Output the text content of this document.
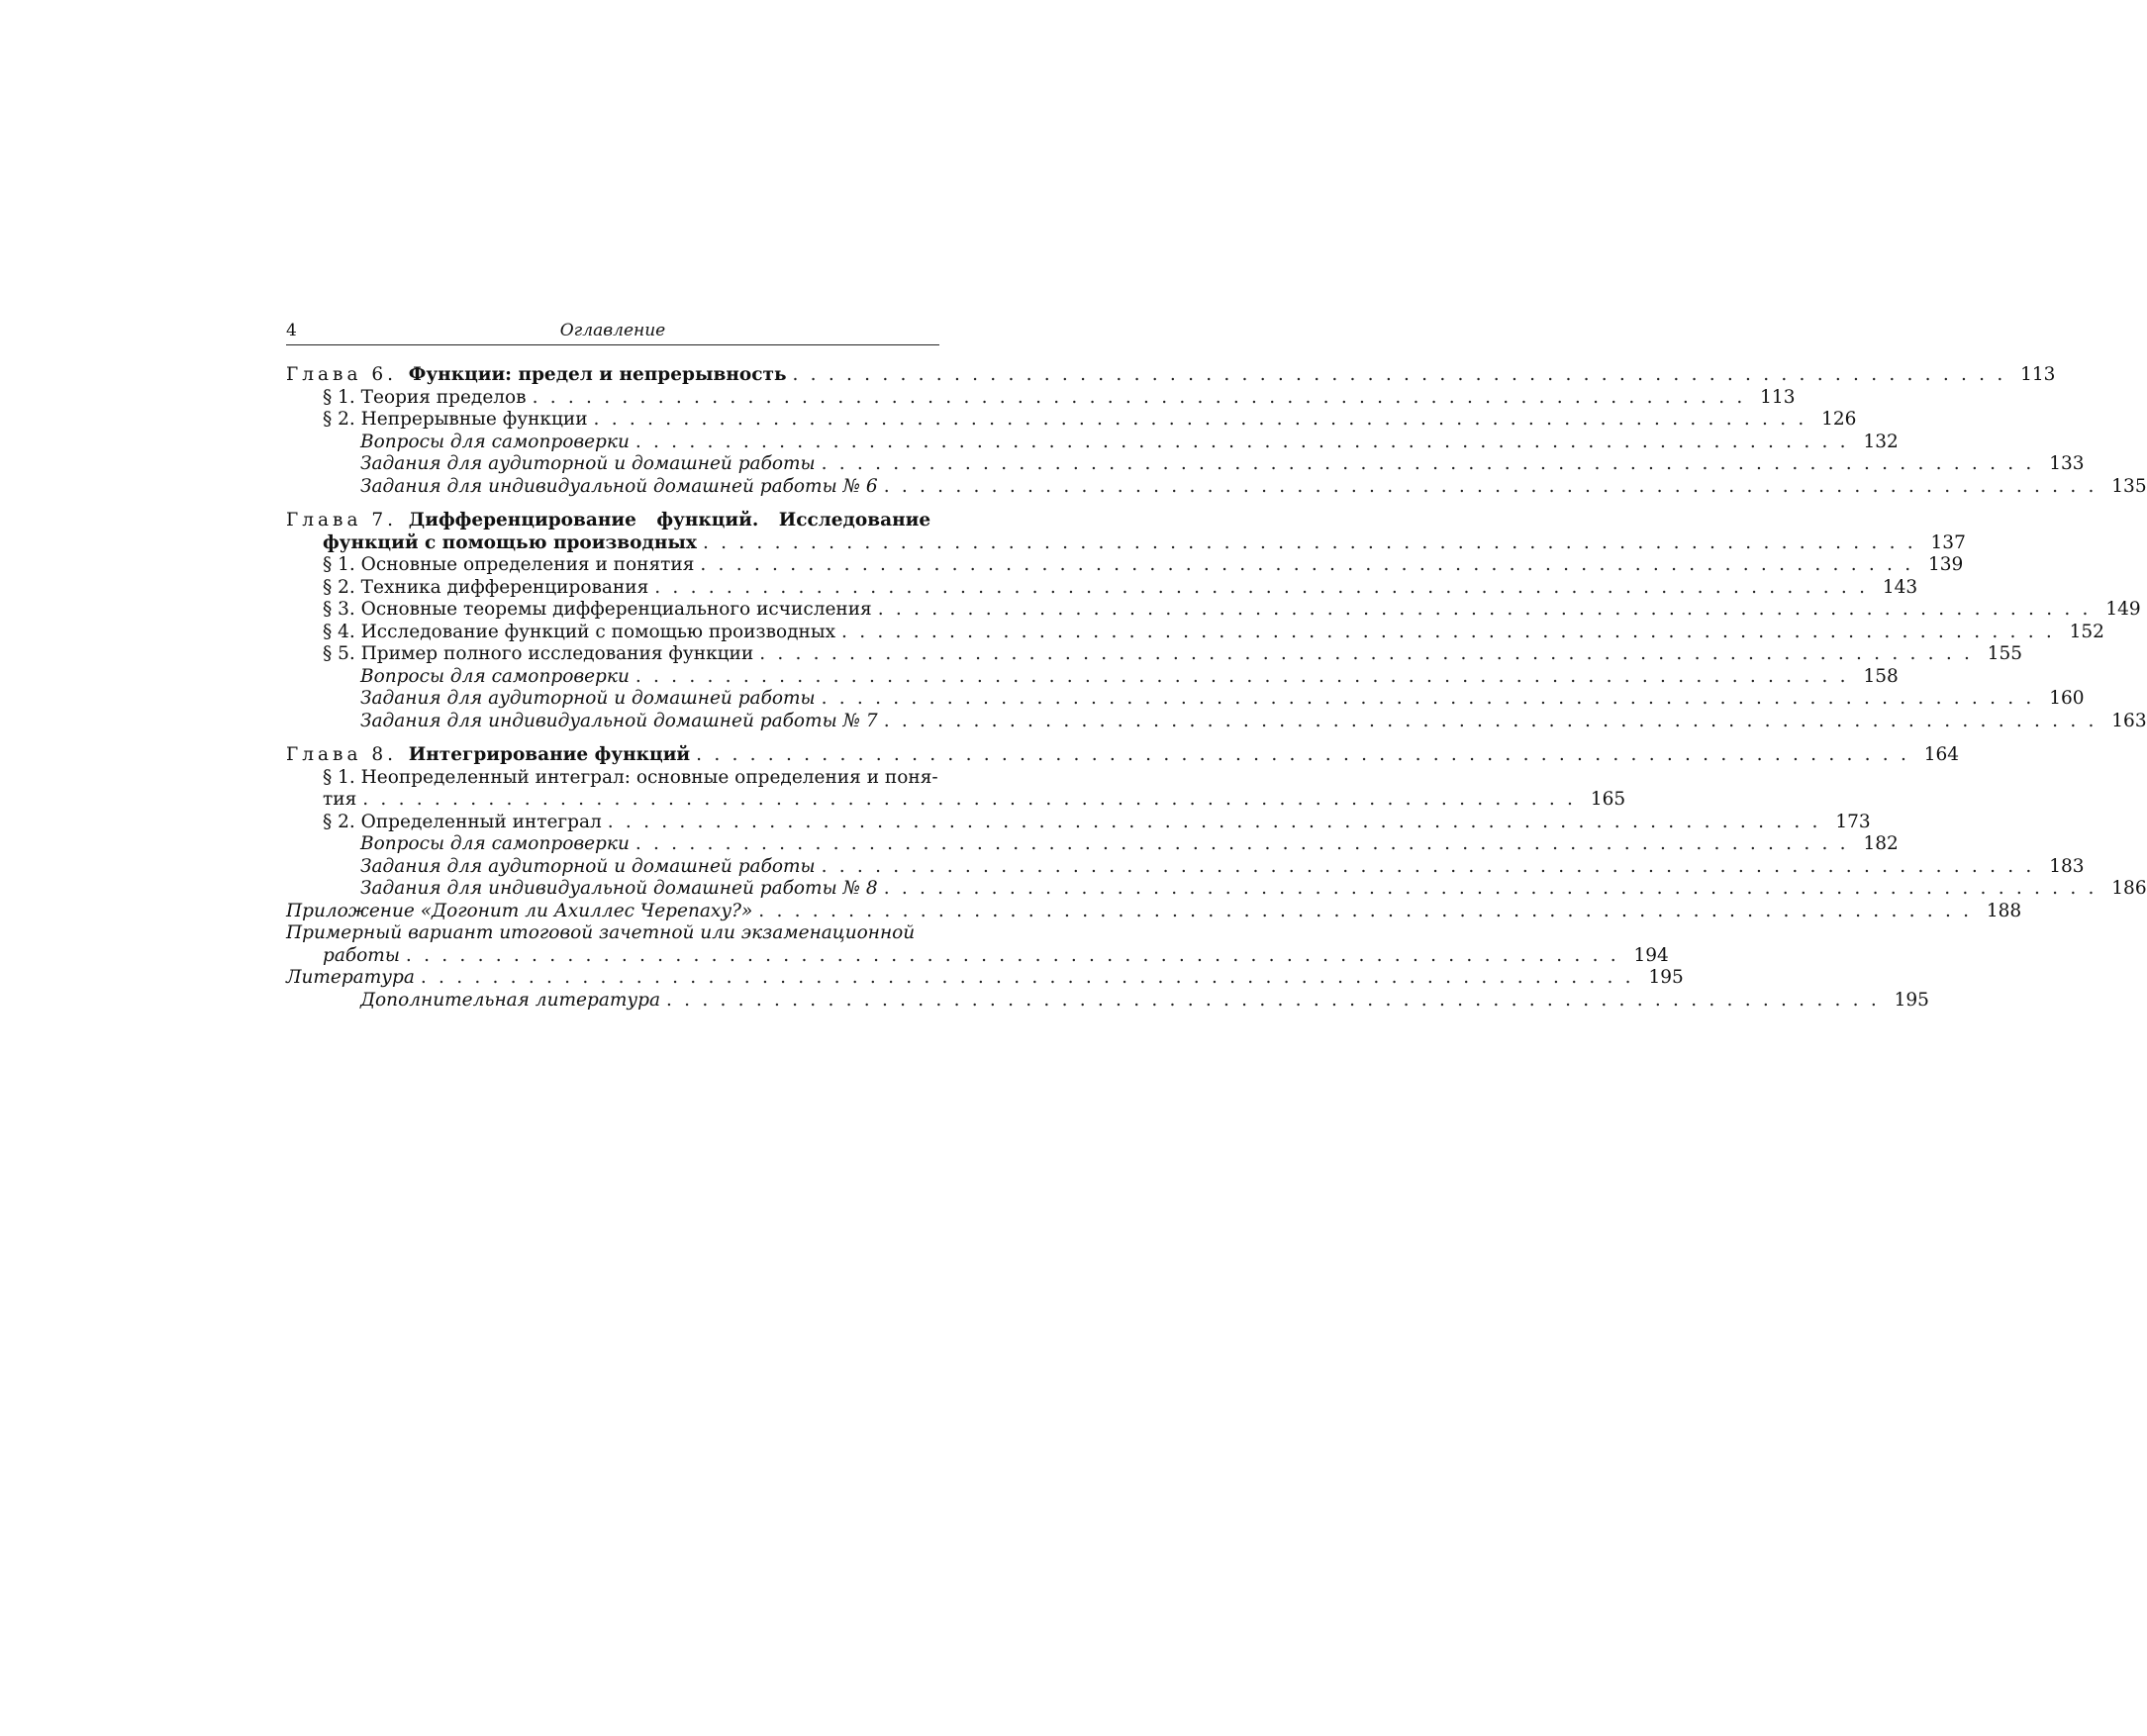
4	Оглавление
Глава 6. Функции: предел и непрерывность . . . . . . . . . . . . . . . . . . . . . . . . . . . . . . . . . . . . . . . . . . . . . . . . . . . . . . . . . . . . . . . . . . . . 113
§ 1. Теория пределов . . . . . . . . . . . . . . . . . . . . . . . . . . . . . . . . . . . . . . . . . . . . . . . . . . . . . . . . . . . . . . . . . . . . 113
§ 2. Непрерывные функции . . . . . . . . . . . . . . . . . . . . . . . . . . . . . . . . . . . . . . . . . . . . . . . . . . . . . . . . . . . . . . . . . . . . 126
Вопросы для самопроверки . . . . . . . . . . . . . . . . . . . . . . . . . . . . . . . . . . . . . . . . . . . . . . . . . . . . . . . . . . . . . . . . . . . . 132
Задания для аудиторной и домашней работы . . . . . . . . . . . . . . . . . . . . . . . . . . . . . . . . . . . . . . . . . . . . . . . . . . . . . . . . . . . . . . . . . . . . 133
Задания для индивидуальной домашней работы № 6 . . . . . . . . . . . . . . . . . . . . . . . . . . . . . . . . . . . . . . . . . . . . . . . . . . . . . . . . . . . . . . . . . . . . 135
Глава 7. Дифференцирование функций. Исследование
функций с помощью производных . . . . . . . . . . . . . . . . . . . . . . . . . . . . . . . . . . . . . . . . . . . . . . . . . . . . . . . . . . . . . . . . . . . . 137
§ 1. Основные определения и понятия . . . . . . . . . . . . . . . . . . . . . . . . . . . . . . . . . . . . . . . . . . . . . . . . . . . . . . . . . . . . . . . . . . . . 139
§ 2. Техника дифференцирования . . . . . . . . . . . . . . . . . . . . . . . . . . . . . . . . . . . . . . . . . . . . . . . . . . . . . . . . . . . . . . . . . . . . 143
§ 3. Основные теоремы дифференциального исчисления . . . . . . . . . . . . . . . . . . . . . . . . . . . . . . . . . . . . . . . . . . . . . . . . . . . . . . . . . . . . . . . . . . . . 149
§ 4. Исследование функций с помощью производных . . . . . . . . . . . . . . . . . . . . . . . . . . . . . . . . . . . . . . . . . . . . . . . . . . . . . . . . . . . . . . . . . . . . 152
§ 5. Пример полного исследования функции . . . . . . . . . . . . . . . . . . . . . . . . . . . . . . . . . . . . . . . . . . . . . . . . . . . . . . . . . . . . . . . . . . . . 155
Вопросы для самопроверки . . . . . . . . . . . . . . . . . . . . . . . . . . . . . . . . . . . . . . . . . . . . . . . . . . . . . . . . . . . . . . . . . . . . 158
Задания для аудиторной и домашней работы . . . . . . . . . . . . . . . . . . . . . . . . . . . . . . . . . . . . . . . . . . . . . . . . . . . . . . . . . . . . . . . . . . . . 160
Задания для индивидуальной домашней работы № 7 . . . . . . . . . . . . . . . . . . . . . . . . . . . . . . . . . . . . . . . . . . . . . . . . . . . . . . . . . . . . . . . . . . . . 163
Глава 8. Интегрирование функций . . . . . . . . . . . . . . . . . . . . . . . . . . . . . . . . . . . . . . . . . . . . . . . . . . . . . . . . . . . . . . . . . . . . 164
§ 1. Неопределенный интеграл: основные определения и поня-
тия . . . . . . . . . . . . . . . . . . . . . . . . . . . . . . . . . . . . . . . . . . . . . . . . . . . . . . . . . . . . . . . . . . . . 165
§ 2. Определенный интеграл . . . . . . . . . . . . . . . . . . . . . . . . . . . . . . . . . . . . . . . . . . . . . . . . . . . . . . . . . . . . . . . . . . . . 173
Вопросы для самопроверки . . . . . . . . . . . . . . . . . . . . . . . . . . . . . . . . . . . . . . . . . . . . . . . . . . . . . . . . . . . . . . . . . . . . 182
Задания для аудиторной и домашней работы . . . . . . . . . . . . . . . . . . . . . . . . . . . . . . . . . . . . . . . . . . . . . . . . . . . . . . . . . . . . . . . . . . . . 183
Задания для индивидуальной домашней работы № 8 . . . . . . . . . . . . . . . . . . . . . . . . . . . . . . . . . . . . . . . . . . . . . . . . . . . . . . . . . . . . . . . . . . . . 186
Приложение «Догонит ли Ахиллес Черепаху?» . . . . . . . . . . . . . . . . . . . . . . . . . . . . . . . . . . . . . . . . . . . . . . . . . . . . . . . . . . . . . . . . . . . . 188
Примерный вариант итоговой зачетной или экзаменационной
работы . . . . . . . . . . . . . . . . . . . . . . . . . . . . . . . . . . . . . . . . . . . . . . . . . . . . . . . . . . . . . . . . . . . . 194
Литература . . . . . . . . . . . . . . . . . . . . . . . . . . . . . . . . . . . . . . . . . . . . . . . . . . . . . . . . . . . . . . . . . . . . 195
Дополнительная литература . . . . . . . . . . . . . . . . . . . . . . . . . . . . . . . . . . . . . . . . . . . . . . . . . . . . . . . . . . . . . . . . . . . . 195
